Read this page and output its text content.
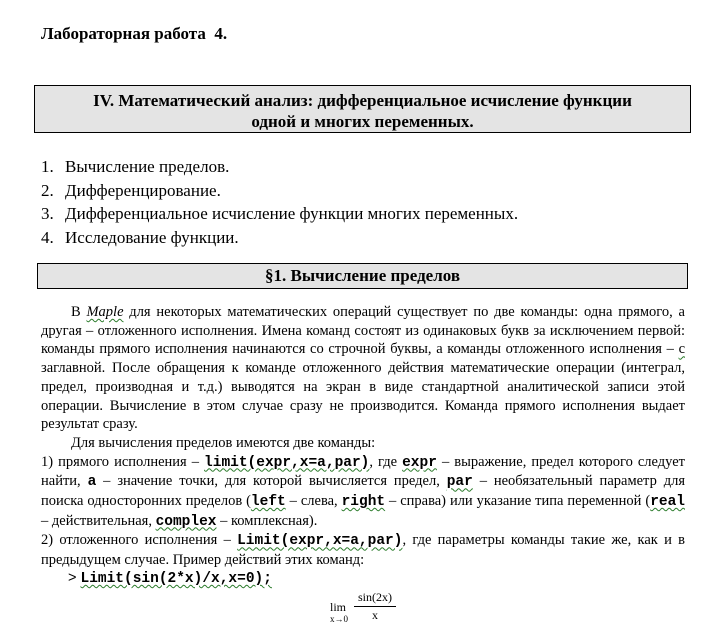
Лабораторная работа  4.
IV. Математический анализ: дифференциальное исчисление функции
одной и многих переменных.
1. Вычисление пределов.
2. Дифференцирование.
3. Дифференциальное исчисление функции многих переменных.
4. Исследование функции.
§1. Вычисление пределов

В Maple для некоторых математических операций существует по две команды: одна прямого, а другая – отложенного исполнения. Имена команд состоят из одинаковых букв за исключением первой: команды прямого исполнения начинаются со строчной буквы, а команды отложенного исполнения – с заглавной. После обращения к команде отложенного действия математические операции (интеграл, предел, производная и т.д.) выводятся на экран в виде стандартной аналитической записи этой операции. Вычисление в этом случае сразу не производится. Команда прямого исполнения выдает результат сразу.

Для вычисления пределов имеются две команды:

1) прямого исполнения – limit(expr,x=a,par), где expr – выражение, предел которого следует найти, a – значение точки, для которой вычисляется предел, par – необязательный параметр для поиска односторонних пределов (left – слева, right – справа) или указание типа переменной (real – действительная, complex – комплексная).

2) отложенного исполнения – Limit(expr,x=a,par), где параметры команды такие же, как и в предыдущем случае. Пример действий этих команд:

> Limit(sin(2*x)/x,x=0);
lim
x→0
sin(2x)
x
